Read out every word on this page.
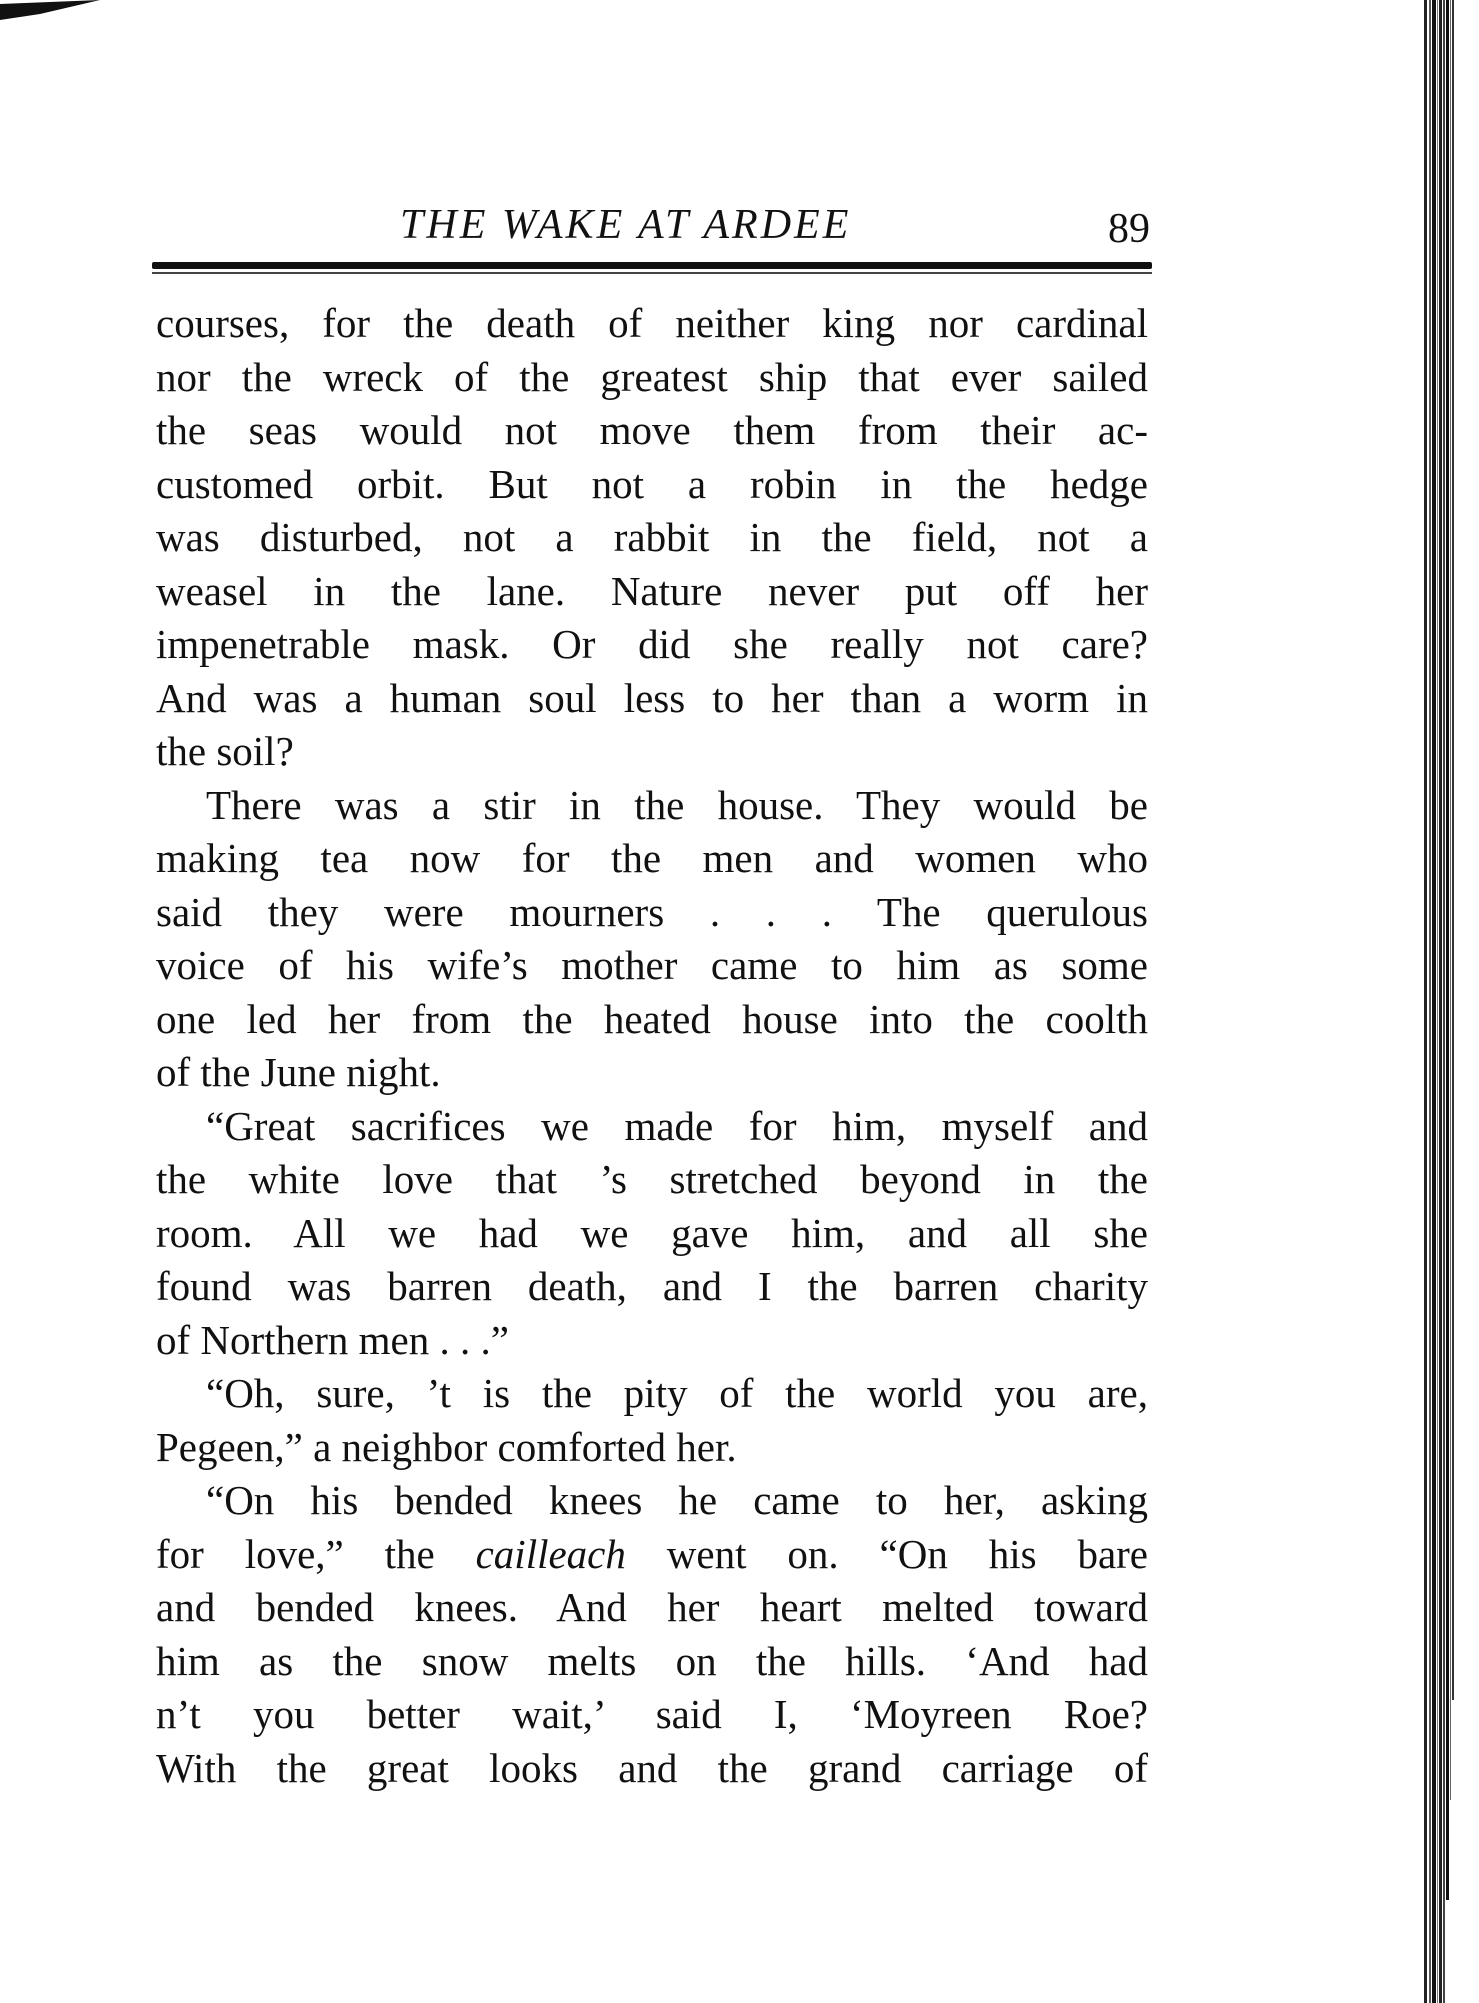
THE WAKE AT ARDEE	89
courses, for the death of neither king nor cardinal
nor the wreck of the greatest ship that ever sailed
the seas would not move them from their ac-
customed orbit. But not a robin in the hedge
was disturbed, not a rabbit in the field, not a
weasel in the lane. Nature never put off her
impenetrable mask. Or did she really not care?
And was a human soul less to her than a worm in
the soil?
There was a stir in the house. They would be
making tea now for the men and women who
said they were mourners . . . The querulous
voice of his wife’s mother came to him as some
one led her from the heated house into the coolth
of the June night.
“Great sacrifices we made for him, myself and
the white love that ’s stretched beyond in the
room. All we had we gave him, and all she
found was barren death, and I the barren charity
of Northern men . . .”
“Oh, sure, ’t is the pity of the world you are,
Pegeen,” a neighbor comforted her.
“On his bended knees he came to her, asking
for love,” the cailleach went on. “On his bare
and bended knees. And her heart melted toward
him as the snow melts on the hills. ‘And had
n’t you better wait,’ said I, ‘Moyreen Roe?
With the great looks and the grand carriage of
